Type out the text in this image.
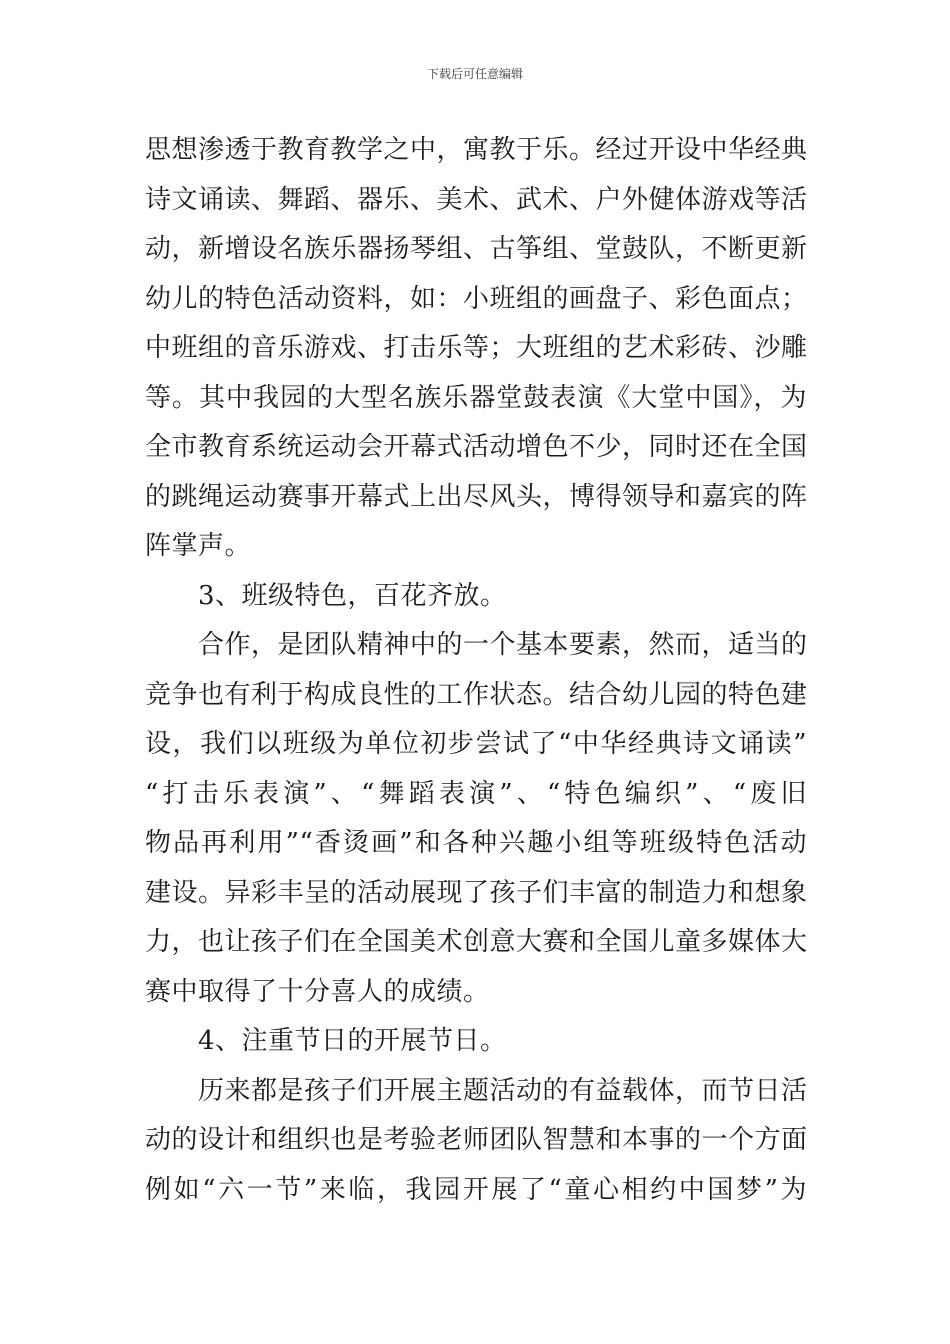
下载后可任意编辑
思想渗透于教育教学之中，寓教于乐。经过开设中华经典
诗文诵读、舞蹈、器乐、美术、武术、户外健体游戏等活
动，新增设名族乐器扬琴组、古筝组、堂鼓队，不断更新
幼儿的特色活动资料，如：小班组的画盘子、彩色面点；
中班组的音乐游戏、打击乐等；大班组的艺术彩砖、沙雕
等。其中我园的大型名族乐器堂鼓表演《大堂中国》，为
全市教育系统运动会开幕式活动增色不少，同时还在全国
的跳绳运动赛事开幕式上出尽风头，博得领导和嘉宾的阵
阵掌声。
3、班级特色，百花齐放。
合作，是团队精神中的一个基本要素，然而，适当的
竞争也有利于构成良性的工作状态。结合幼儿园的特色建
设，我们以班级为单位初步尝试了“中华经典诗文诵读”
“打击乐表演”、“舞蹈表演”、“特色编织”、“废旧
物品再利用”“香烫画”和各种兴趣小组等班级特色活动
建设。异彩丰呈的活动展现了孩子们丰富的制造力和想象
力，也让孩子们在全国美术创意大赛和全国儿童多媒体大
赛中取得了十分喜人的成绩。
4、注重节日的开展节日。
历来都是孩子们开展主题活动的有益载体，而节日活
动的设计和组织也是考验老师团队智慧和本事的一个方面
例如“六一节”来临，我园开展了“童心相约中国梦”为
